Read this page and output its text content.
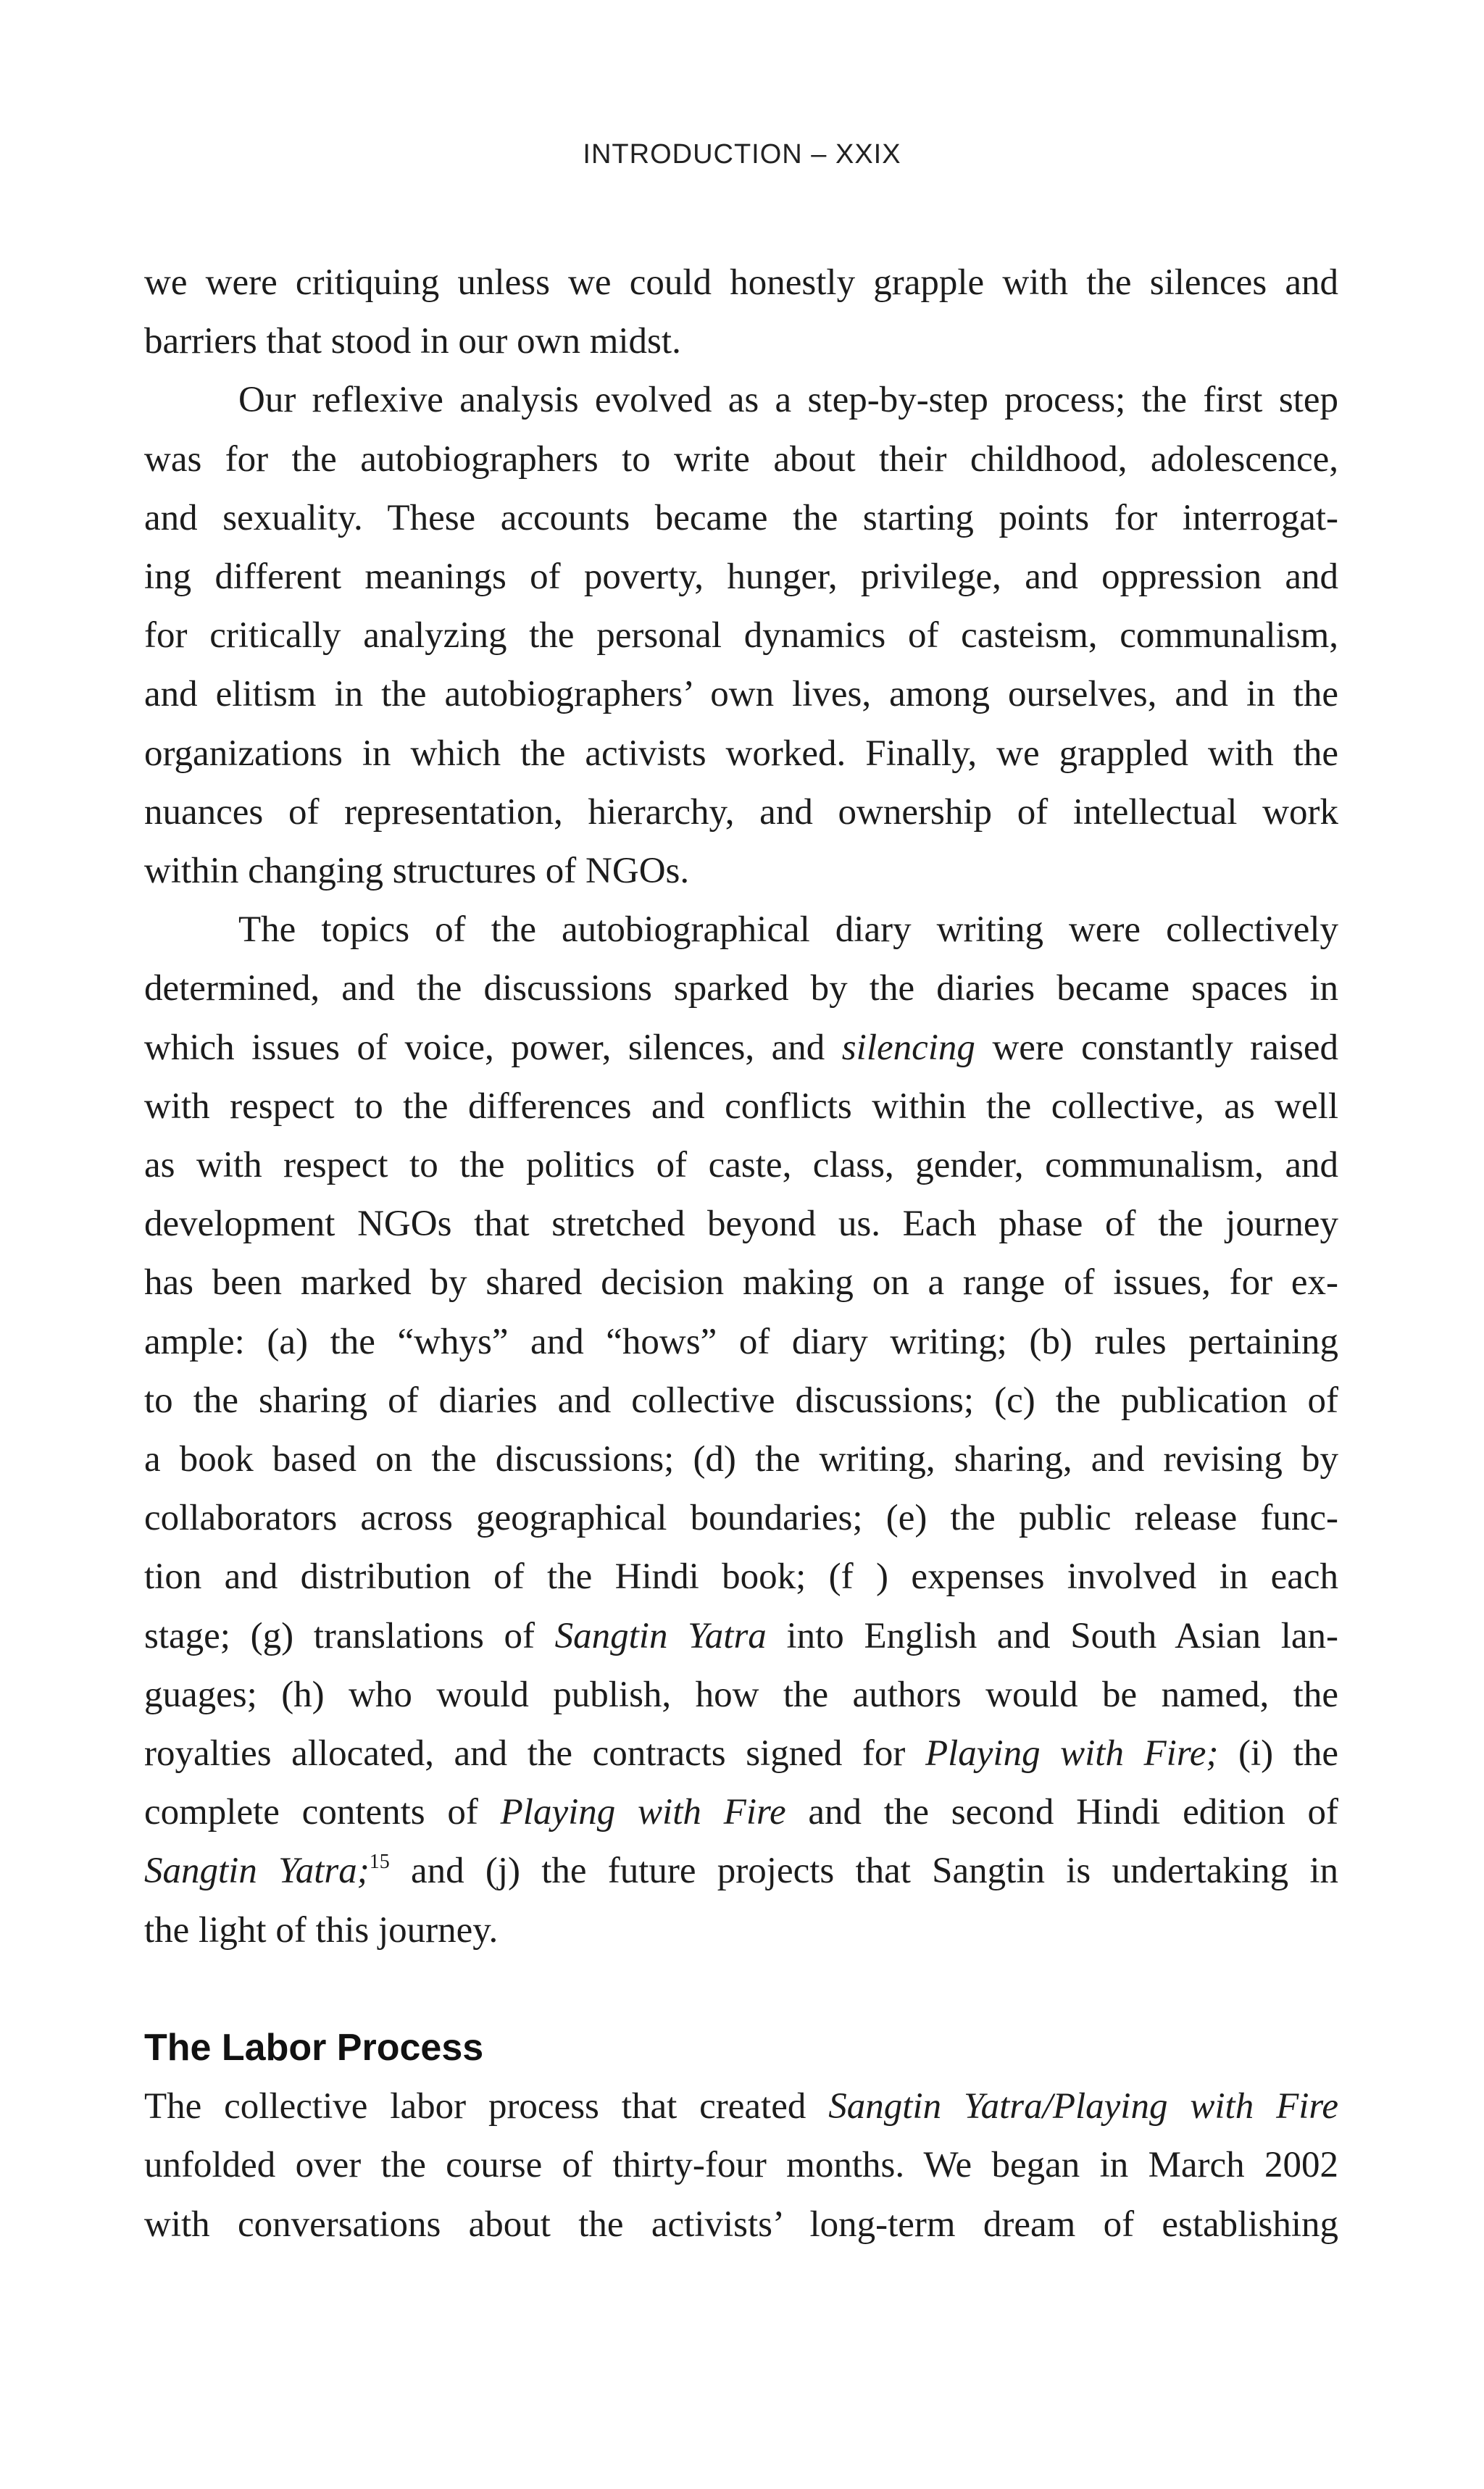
INTRODUCTION – XXIX
we were critiquing unless we could honestly grapple with the silences and
barriers that stood in our own midst.
Our reflexive analysis evolved as a step-by-step process; the first step
was for the autobiographers to write about their childhood, adolescence,
and sexuality. These accounts became the starting points for interrogat-
ing different meanings of poverty, hunger, privilege, and oppression and
for critically analyzing the personal dynamics of casteism, communalism,
and elitism in the autobiographers’ own lives, among ourselves, and in the
organizations in which the activists worked. Finally, we grappled with the
nuances of representation, hierarchy, and ownership of intellectual work
within changing structures of NGOs.
The topics of the autobiographical diary writing were collectively
determined, and the discussions sparked by the diaries became spaces in
which issues of voice, power, silences, and silencing were constantly raised
with respect to the differences and conflicts within the collective, as well
as with respect to the politics of caste, class, gender, communalism, and
development NGOs that stretched beyond us. Each phase of the journey
has been marked by shared decision making on a range of issues, for ex-
ample: (a) the “whys” and “hows” of diary writing; (b) rules pertaining
to the sharing of diaries and collective discussions; (c) the publication of
a book based on the discussions; (d) the writing, sharing, and revising by
collaborators across geographical boundaries; (e) the public release func-
tion and distribution of the Hindi book; (f ) expenses involved in each
stage; (g) translations of Sangtin Yatra into English and South Asian lan-
guages; (h) who would publish, how the authors would be named, the
royalties allocated, and the contracts signed for Playing with Fire; (i) the
complete contents of Playing with Fire and the second Hindi edition of
Sangtin Yatra;$^{15}$ and (j) the future projects that Sangtin is undertaking in
the light of this journey.
The Labor Process
The collective labor process that created Sangtin Yatra/Playing with Fire
unfolded over the course of thirty-four months. We began in March 2002
with conversations about the activists’ long-term dream of establishing
